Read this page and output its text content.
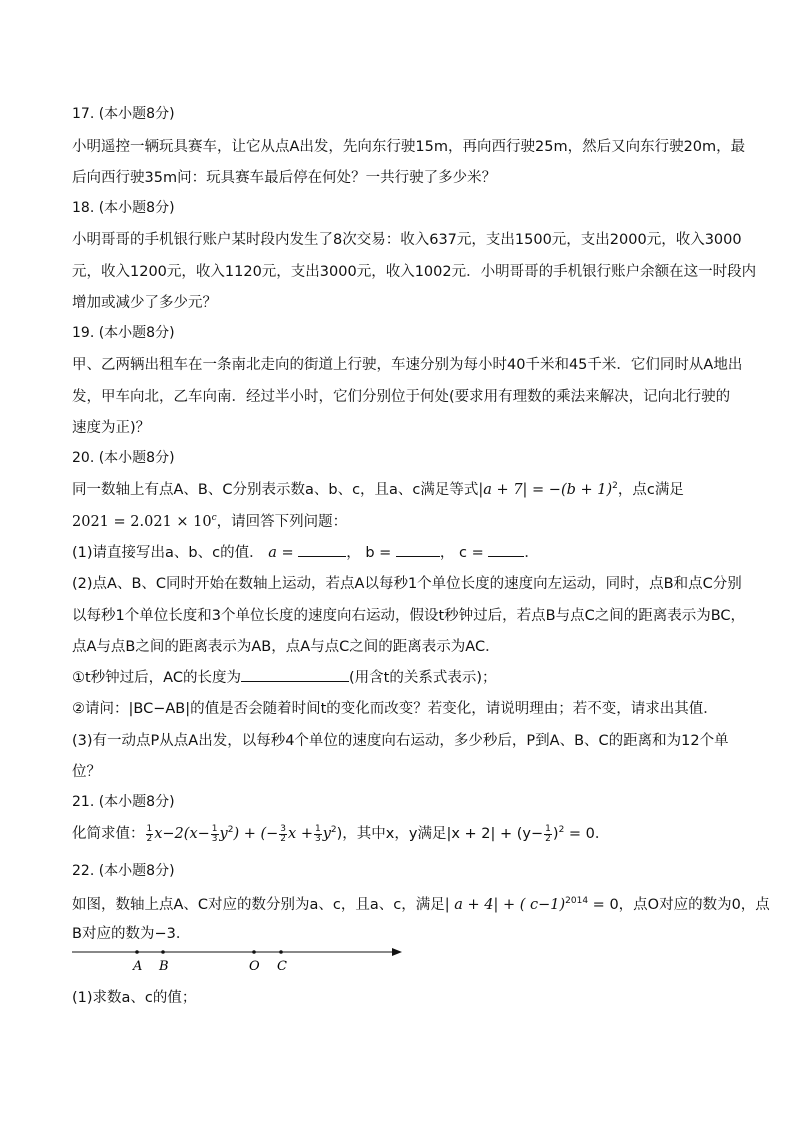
17. (本小题8分)
小明遥控一辆玩具赛车，让它从点A出发，先向东行驶15m，再向西行驶25m，然后又向东行驶20m，最
后向西行驶35m问：玩具赛车最后停在何处？一共行驶了多少米？
18. (本小题8分)
小明哥哥的手机银行账户某时段内发生了8次交易：收入637元，支出1500元，支出2000元，收入3000
元，收入1200元，收入1120元，支出3000元，收入1002元．小明哥哥的手机银行账户余额在这一时段内
增加或减少了多少元？
19. (本小题8分)
甲、乙两辆出租车在一条南北走向的街道上行驶，车速分别为每小时40千米和45千米．它们同时从A地出
发，甲车向北，乙车向南．经过半小时，它们分别位于何处(要求用有理数的乘法来解决，记向北行驶的
速度为正)？
20. (本小题8分)
同一数轴上有点A、B、C分别表示数a、b、c，且a、c满足等式$|a + 7| = -(b + 1)^2$，点c满足
$2021 = 2.021 \times 10^c$，请回答下列问题：
(1)请直接写出a、b、c的值． a =	， b =	， c =	．
(2)点A、B、C同时开始在数轴上运动，若点A以每秒1个单位长度的速度向左运动，同时，点B和点C分别
以每秒1个单位长度和3个单位长度的速度向右运动，假设t秒钟过后，若点B与点C之间的距离表示为BC，
点A与点B之间的距离表示为AB，点A与点C之间的距离表示为AC．
①t秒钟过后，AC的长度为	(用含t的关系式表示)；
②请问：|BC−AB|的值是否会随着时间t的变化而改变？若变化，请说明理由；若不变，请求出其值．
(3)有一动点P从点A出发，以每秒4个单位的速度向右运动，多少秒后，P到A、B、C的距离和为12个单
位？
21. (本小题8分)
化简求值： $\frac{1}{2} x-2(x- \frac{1}{3} y^2)$ + (− $\frac{3}{2}$ $x + \frac{1}{3} y^2$)，其中x，y满足$|x + 2| + (y- \frac{1}{2} )^2 = 0$．
22. (本小题8分)
如图，数轴上点A、C对应的数分别为a、c，且a、c，满足| a + 4| + ( c−1)$^{2014}$ = 0，点O对应的数为0，点
B对应的数为−3．
A B	O C
(1)求数a、c的值；
